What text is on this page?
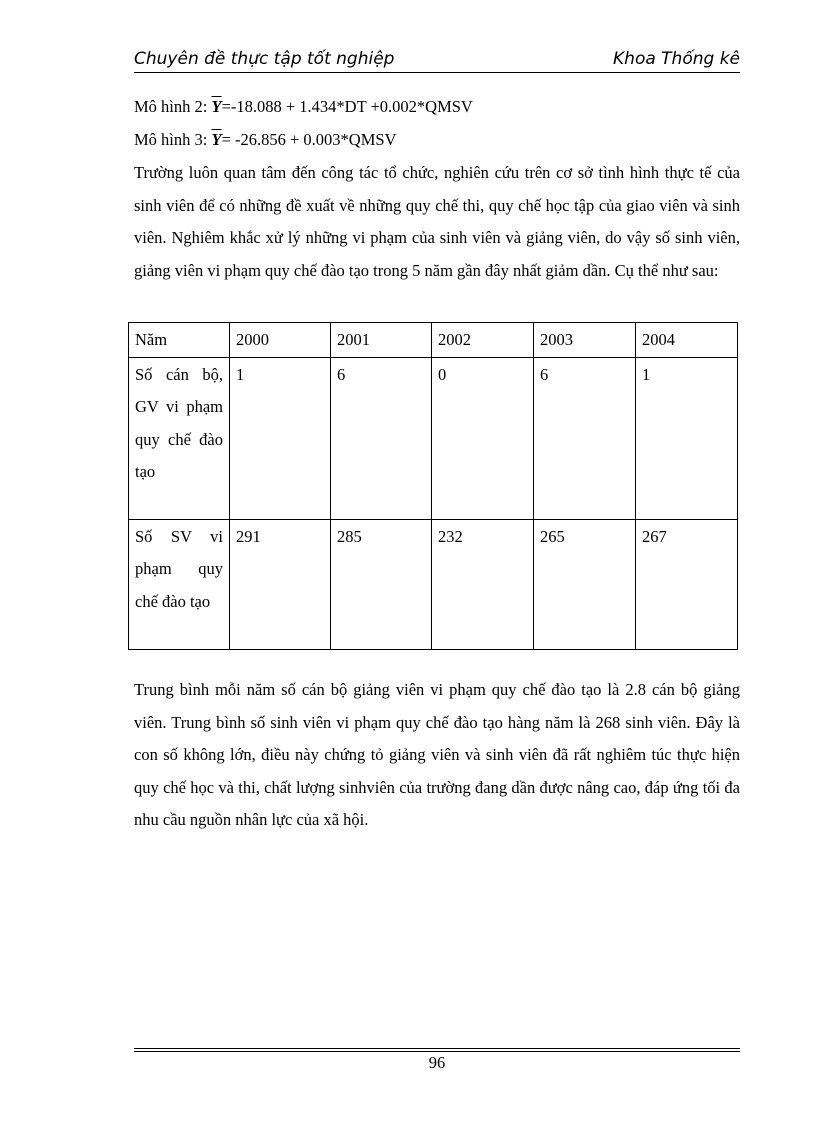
Chuyên đề thực tập tốt nghiệp	Khoa Thống kê
Mô hình 2: $\overline{Y}=-18.088 + 1.434*DT$ +0.002*QMSV
Mô hình 3: $\overline{Y}= -26.856$ + 0.003*QMSV

Trường luôn quan tâm đến công tác tổ chức, nghiên cứu trên cơ sở tình hình thực tế của sinh viên để có những đề xuất về những quy chế thi, quy chế học tập của giao viên và sinh viên. Nghiêm khắc xử lý những vi phạm của sinh viên và giảng viên, do vậy số sinh viên, giảng viên vi phạm quy chế đào tạo trong 5 năm gần đây nhất giảm dần. Cụ thể như sau:

Năm	2000	2001	2002	2003	2004
Số cán bộ, GV vi phạm quy chế đào tạo	1	6	0	6	1
Số SV vi phạm quy chế đào tạo	291	285	232	265	267

Trung bình mỗi năm số cán bộ giảng viên vi phạm quy chế đào tạo là 2.8 cán bộ giảng viên. Trung bình số sinh viên vi phạm quy chế đào tạo hàng năm là 268 sinh viên. Đây là con số không lớn, điều này chứng tỏ giảng viên và sinh viên đã rất nghiêm túc thực hiện quy chế học và thi, chất lượng sinhviên của trường đang dần được nâng cao, đáp ứng tối đa nhu cầu nguồn nhân lực của xã hội.

96
